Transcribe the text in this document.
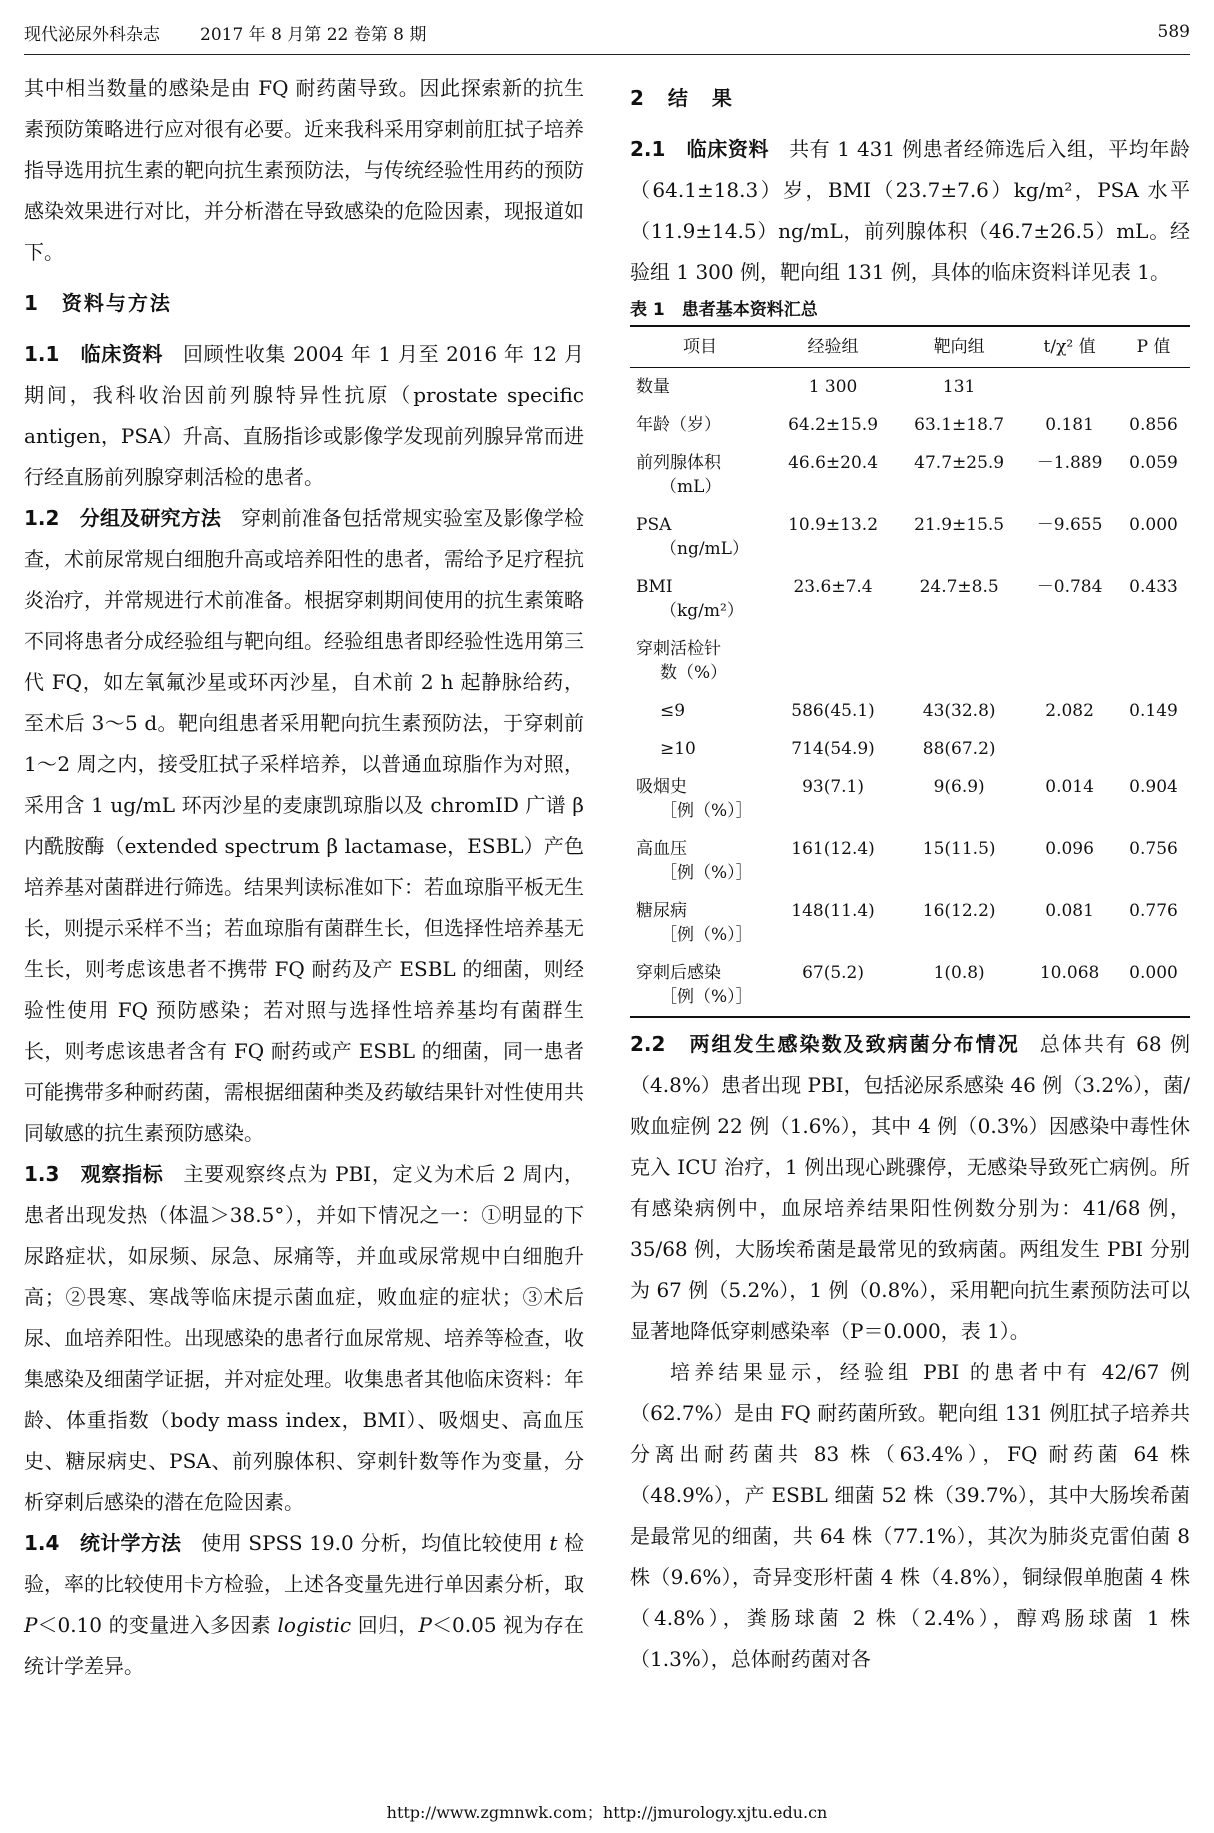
现代泌尿外科杂志 2017 年 8 月第 22 卷第 8 期	589

其中相当数量的感染是由 FQ 耐药菌导致。因此探索新的抗生素预防策略进行应对很有必要。近来我科采用穿刺前肛拭子培养指导选用抗生素的靶向抗生素预防法，与传统经验性用药的预防感染效果进行对比，并分析潜在导致感染的危险因素，现报道如下。

1　资料与方法

1.1　临床资料 回顾性收集 2004 年 1 月至 2016 年 12 月期间，我科收治因前列腺特异性抗原（prostate specific antigen，PSA）升高、直肠指诊或影像学发现前列腺异常而进行经直肠前列腺穿刺活检的患者。

1.2　分组及研究方法 穿刺前准备包括常规实验室及影像学检查，术前尿常规白细胞升高或培养阳性的患者，需给予足疗程抗炎治疗，并常规进行术前准备。根据穿刺期间使用的抗生素策略不同将患者分成经验组与靶向组。经验组患者即经验性选用第三代 FQ，如左氧氟沙星或环丙沙星，自术前 2 h 起静脉给药，至术后 3～5 d。靶向组患者采用靶向抗生素预防法，于穿刺前 1～2 周之内，接受肛拭子采样培养，以普通血琼脂作为对照，采用含 1 ug/mL 环丙沙星的麦康凯琼脂以及 chromID 广谱 β 内酰胺酶（extended spectrum β lactamase，ESBL）产色培养基对菌群进行筛选。结果判读标准如下：若血琼脂平板无生长，则提示采样不当；若血琼脂有菌群生长，但选择性培养基无生长，则考虑该患者不携带 FQ 耐药及产 ESBL 的细菌，则经验性使用 FQ 预防感染；若对照与选择性培养基均有菌群生长，则考虑该患者含有 FQ 耐药或产 ESBL 的细菌，同一患者可能携带多种耐药菌，需根据细菌种类及药敏结果针对性使用共同敏感的抗生素预防感染。

1.3　观察指标 主要观察终点为 PBI，定义为术后 2 周内，患者出现发热（体温＞38.5°），并如下情况之一：①明显的下尿路症状，如尿频、尿急、尿痛等，并血或尿常规中白细胞升高；②畏寒、寒战等临床提示菌血症，败血症的症状；③术后尿、血培养阳性。出现感染的患者行血尿常规、培养等检查，收集感染及细菌学证据，并对症处理。收集患者其他临床资料：年龄、体重指数（body mass index，BMI）、吸烟史、高血压史、糖尿病史、PSA、前列腺体积、穿刺针数等作为变量，分析穿刺后感染的潜在危险因素。

1.4　统计学方法 使用 SPSS 19.0 分析，均值比较使用 t 检验，率的比较使用卡方检验，上述各变量先进行单因素分析，取 P＜0.10 的变量进入多因素 logistic 回归，P＜0.05 视为存在统计学差异。

2　结　果

2.1　临床资料 共有 1 431 例患者经筛选后入组，平均年龄（64.1±18.3）岁，BMI（23.7±7.6）kg/m²，PSA 水平（11.9±14.5）ng/mL，前列腺体积（46.7±26.5）mL。经验组 1 300 例，靶向组 131 例，具体的临床资料详见表 1。

表 1　患者基本资料汇总
项目	经验组	靶向组	t/χ² 值	P 值

数量	1 300	131		

年龄（岁）	64.2±15.9	63.1±18.7	0.181	0.856

前列腺体积
（mL）	46.6±20.4	47.7±25.9	－1.889	0.059

PSA
（ng/mL）	10.9±13.2	21.9±15.5	－9.655	0.000

BMI
（kg/m²）	23.6±7.4	24.7±8.5	－0.784	0.433

穿刺活检针
数（%）				

≤9	586(45.1)	43(32.8)	2.082	0.149

≥10	714(54.9)	88(67.2)		

吸烟史
［例（%）］	93(7.1)	9(6.9)	0.014	0.904

高血压
［例（%）］	161(12.4)	15(11.5)	0.096	0.756

糖尿病
［例（%）］	148(11.4)	16(12.2)	0.081	0.776

穿刺后感染
［例（%）］	67(5.2)	1(0.8)	10.068	0.000

2.2　两组发生感染数及致病菌分布情况 总体共有 68 例（4.8%）患者出现 PBI，包括泌尿系感染 46 例（3.2%），菌/败血症例 22 例（1.6%），其中 4 例（0.3%）因感染中毒性休克入 ICU 治疗，1 例出现心跳骤停，无感染导致死亡病例。所有感染病例中，血尿培养结果阳性例数分别为：41/68 例，35/68 例，大肠埃希菌是最常见的致病菌。两组发生 PBI 分别为 67 例（5.2%），1 例（0.8%），采用靶向抗生素预防法可以显著地降低穿刺感染率（P＝0.000，表 1）。

培养结果显示，经验组 PBI 的患者中有 42/67 例（62.7%）是由 FQ 耐药菌所致。靶向组 131 例肛拭子培养共分离出耐药菌共 83 株（63.4%），FQ 耐药菌 64 株（48.9%），产 ESBL 细菌 52 株（39.7%），其中大肠埃希菌是最常见的细菌，共 64 株（77.1%），其次为肺炎克雷伯菌 8 株（9.6%），奇异变形杆菌 4 株（4.8%），铜绿假单胞菌 4 株（4.8%），粪肠球菌 2 株（2.4%），醇鸡肠球菌 1 株（1.3%），总体耐药菌对各

http://www.zgmnwk.com；http://jmurology.xjtu.edu.cn
